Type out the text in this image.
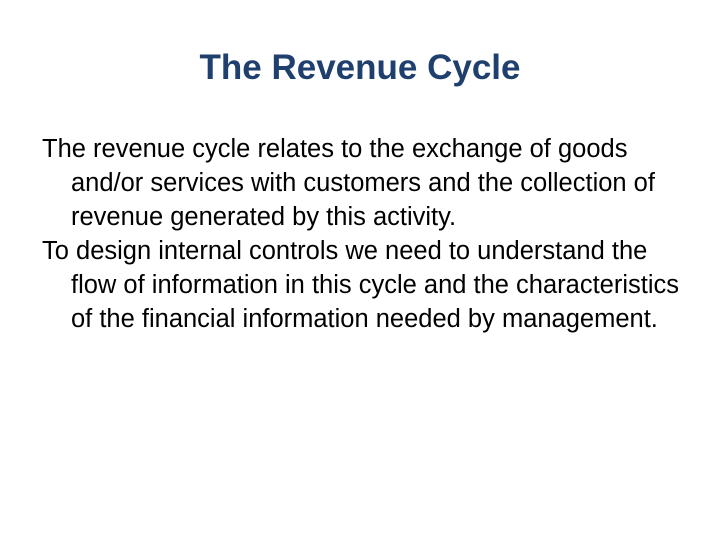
The Revenue Cycle

The revenue cycle relates to the exchange of goods and/or services with customers and the collection of revenue generated by this activity.

To design internal controls we need to understand the flow of information in this cycle and the characteristics of the financial information needed by management.
